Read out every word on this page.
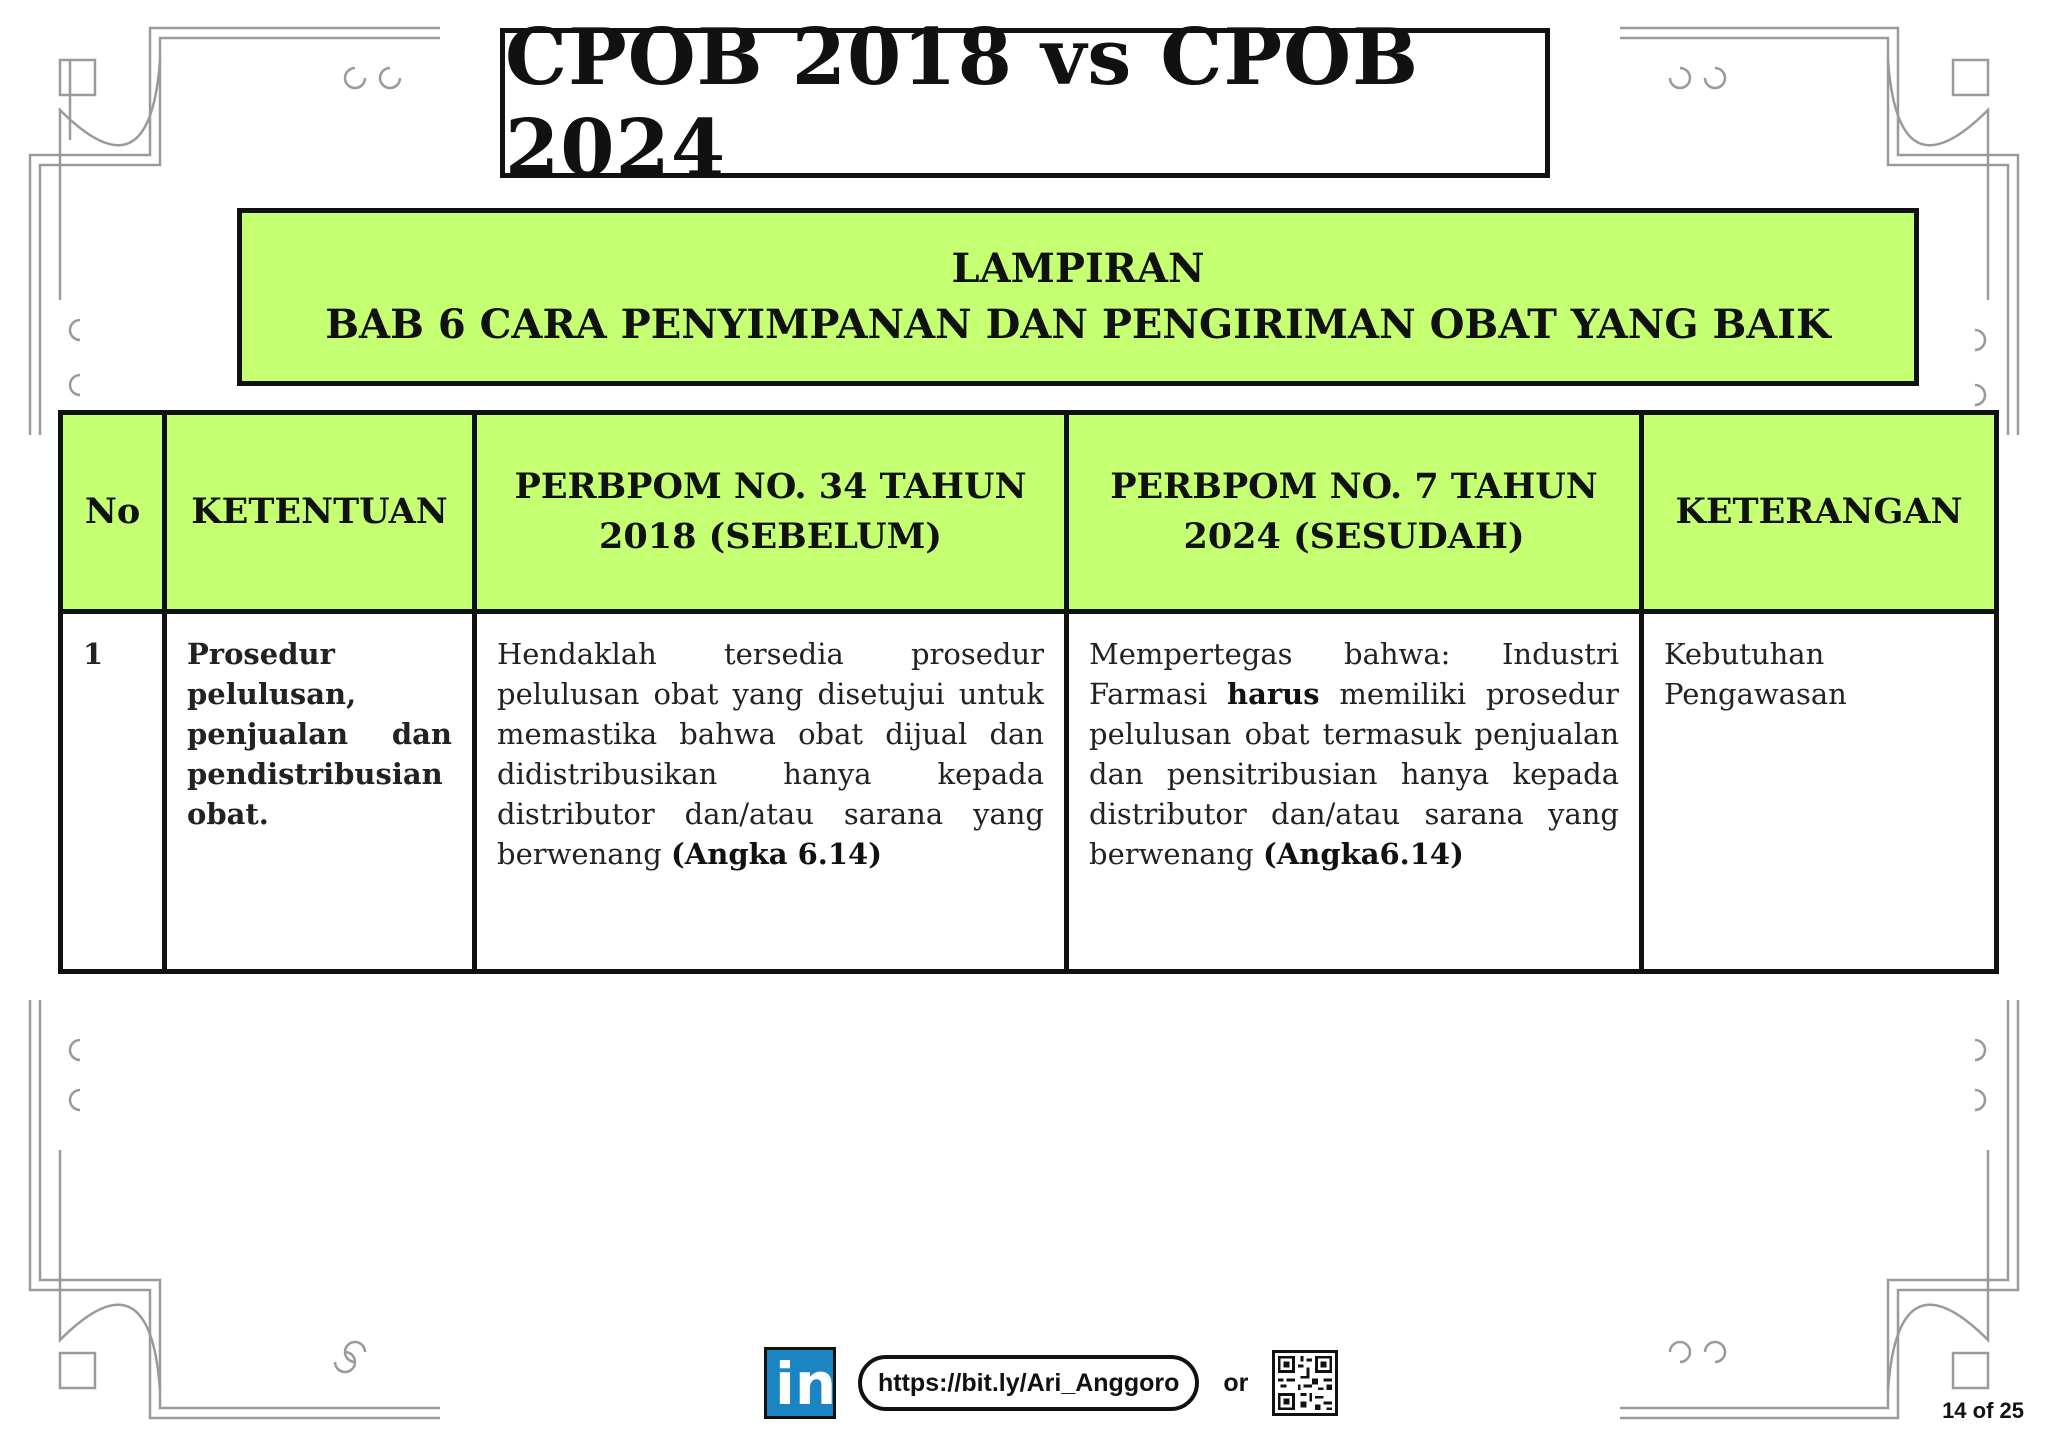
CPOB 2018 vs CPOB 2024
LAMPIRAN
BAB 6 CARA PENYIMPANAN DAN PENGIRIMAN OBAT YANG BAIK
No	KETENTUAN	PERBPOM NO. 34 TAHUN 2018 (SEBELUM)	PERBPOM NO. 7 TAHUN 2024 (SESUDAH)	KETERANGAN
1	Prosedur pelulusan, penjualan dan pendistribusian obat.	Hendaklah tersedia prosedur pelulusan obat yang disetujui untuk memastika bahwa obat dijual dan didistribusikan hanya kepada distributor dan/atau sarana yang berwenang (Angka 6.14)	Mempertegas bahwa: Industri Farmasi harus memiliki prosedur pelulusan obat termasuk penjualan dan pensitribusian hanya kepada distributor dan/atau sarana yang berwenang (Angka6.14)	Kebutuhan Pengawasan
in	https://bit.ly/Ari_Anggoro	or
14 of 25
